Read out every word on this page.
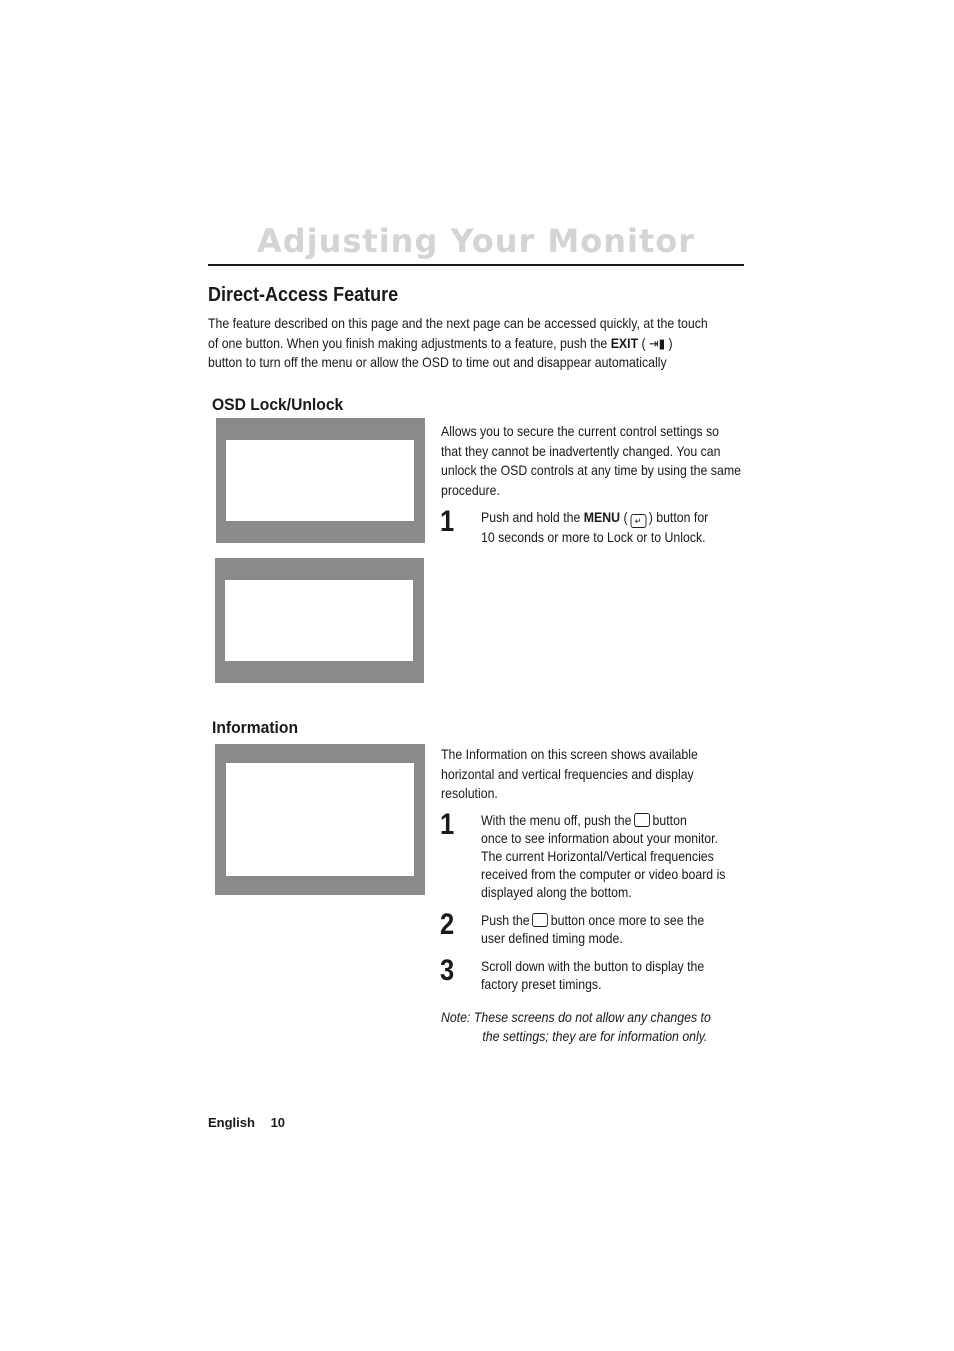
Adjusting Your Monitor
Direct-Access Feature
The feature described on this page and the next page can be accessed quickly, at the touch
of one button. When you finish making adjustments to a feature, push the EXIT ( ⇥▮ )
button to turn off the menu or allow the OSD to time out and disappear automatically
OSD Lock/Unlock
Allows you to secure the current control settings so
that they cannot be inadvertently changed. You can
unlock the OSD controls at any time by using the same
procedure.
1 Push and hold the MENU ( ↵ ) button for
10 seconds or more to Lock or to Unlock.
Information
The Information on this screen shows available
horizontal and vertical frequencies and display
resolution.
1 With the menu off, push the button
once to see information about your monitor.
The current Horizontal/Vertical frequencies
received from the computer or video board is
displayed along the bottom.
2 Push the button once more to see the
user defined timing mode.
3 Scroll down with the button to display the
factory preset timings.
Note: These screens do not allow any changes to
the settings; they are for information only.
English 10
